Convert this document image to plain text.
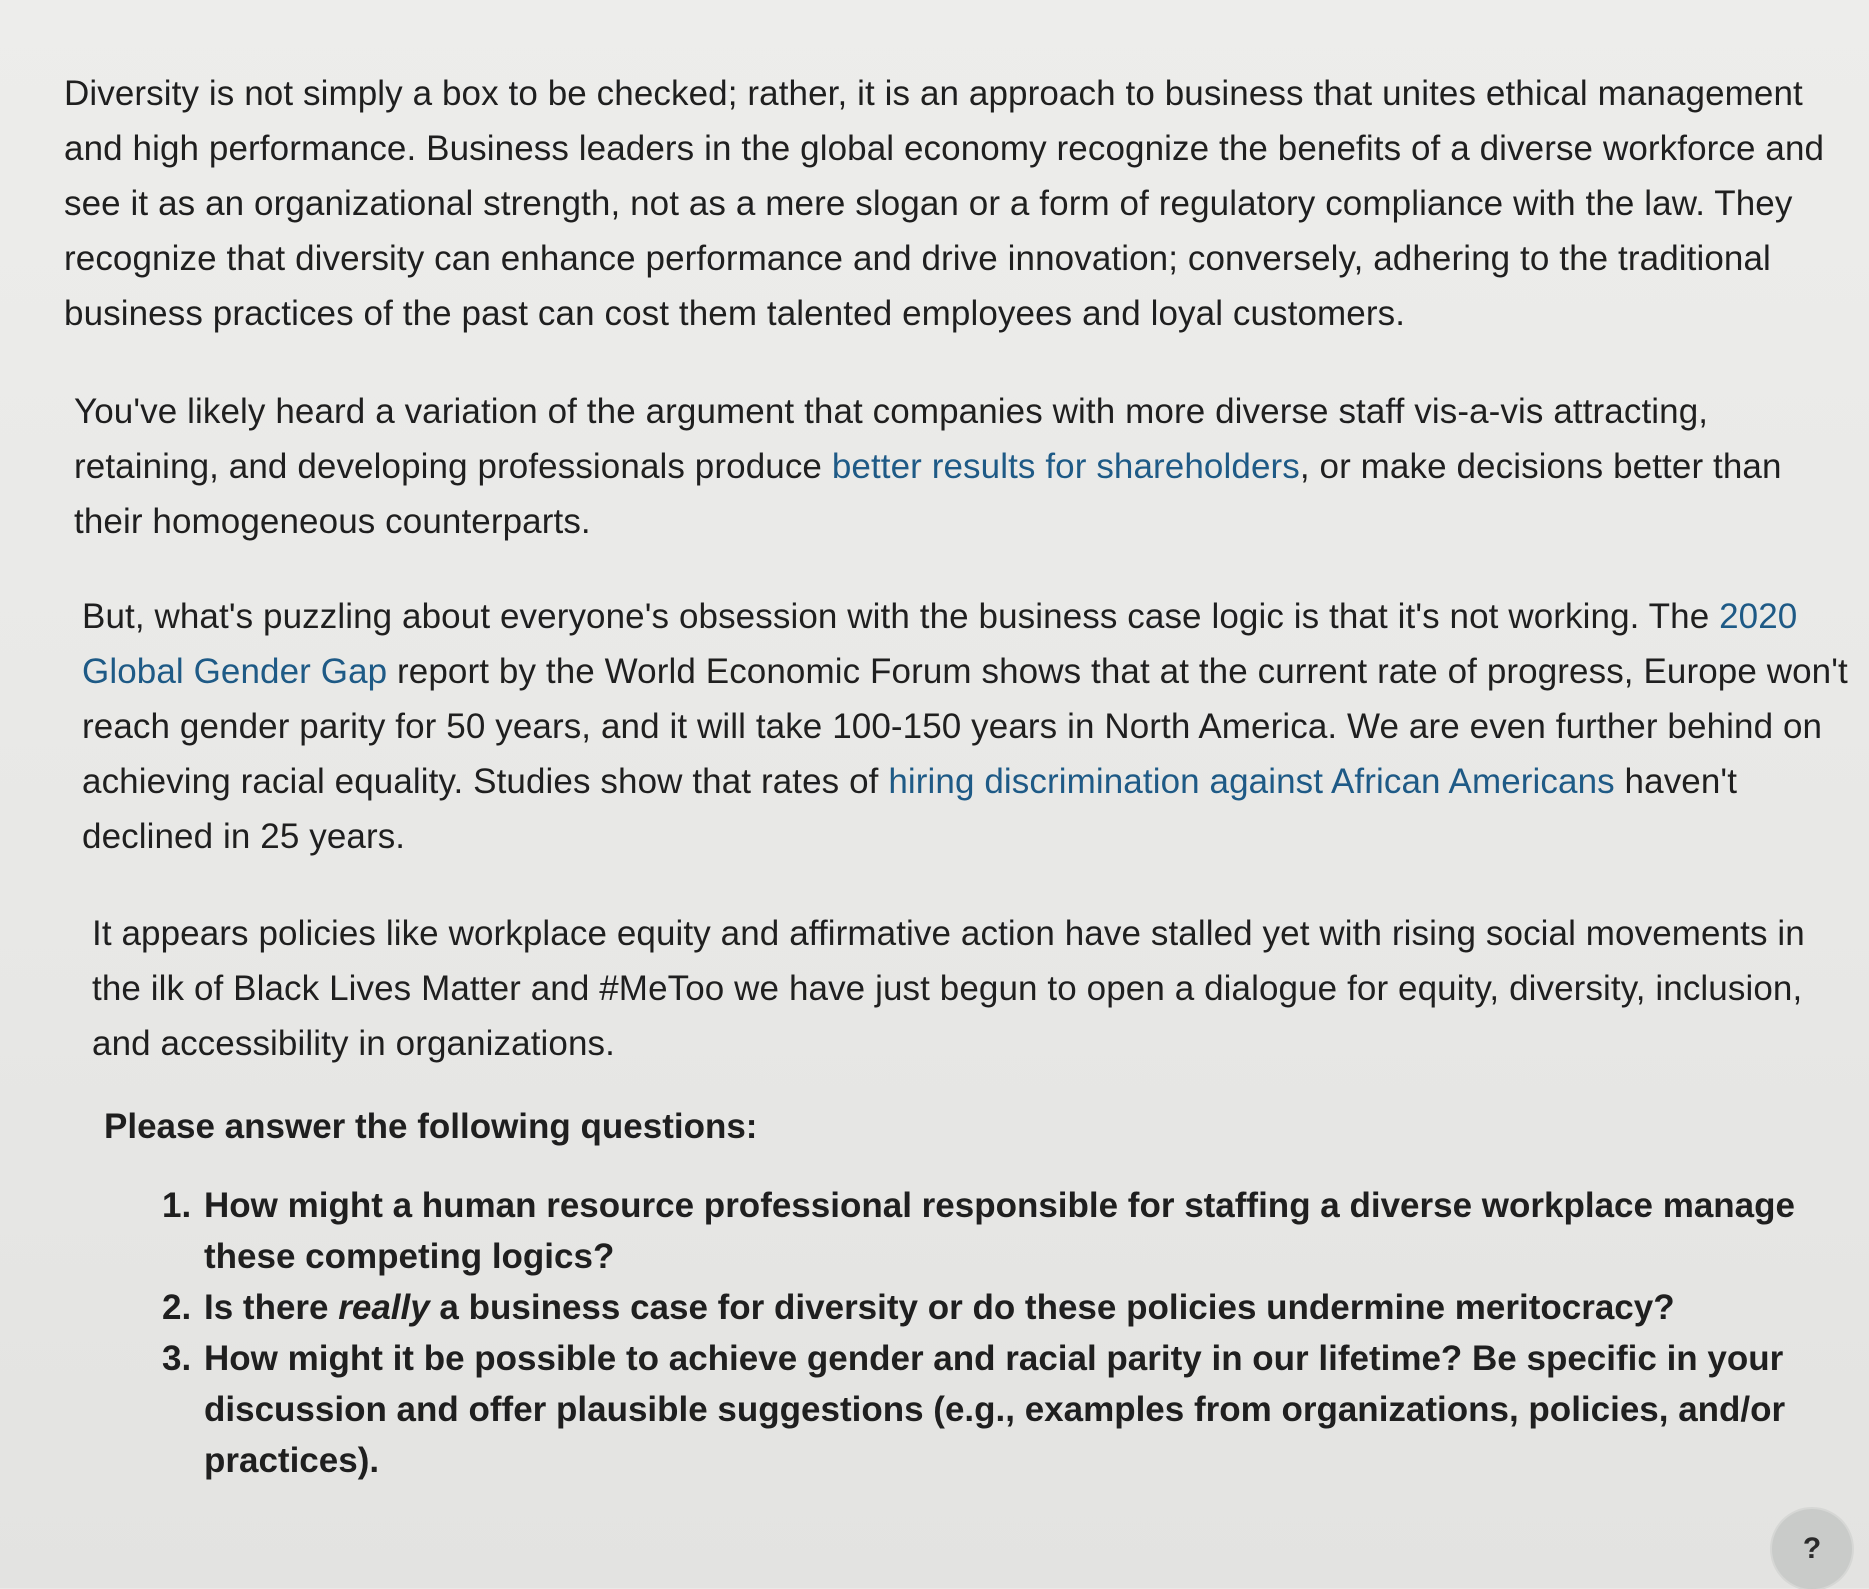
Diversity is not simply a box to be checked; rather, it is an approach to business that unites ethical management and high performance. Business leaders in the global economy recognize the benefits of a diverse workforce and see it as an organizational strength, not as a mere slogan or a form of regulatory compliance with the law. They recognize that diversity can enhance performance and drive innovation; conversely, adhering to the traditional business practices of the past can cost them talented employees and loyal customers.

You've likely heard a variation of the argument that companies with more diverse staff vis-a-vis attracting, retaining, and developing professionals produce better results for shareholders, or make decisions better than their homogeneous counterparts.

But, what's puzzling about everyone's obsession with the business case logic is that it's not working. The 2020 Global Gender Gap report by the World Economic Forum shows that at the current rate of progress, Europe won't reach gender parity for 50 years, and it will take 100-150 years in North America. We are even further behind on achieving racial equality. Studies show that rates of hiring discrimination against African Americans haven't declined in 25 years.

It appears policies like workplace equity and affirmative action have stalled yet with rising social movements in the ilk of Black Lives Matter and #MeToo we have just begun to open a dialogue for equity, diversity, inclusion, and accessibility in organizations.

Please answer the following questions:
1. How might a human resource professional responsible for staffing a diverse workplace manage these competing logics?
2. Is there really a business case for diversity or do these policies undermine meritocracy?
3. How might it be possible to achieve gender and racial parity in our lifetime? Be specific in your discussion and offer plausible suggestions (e.g., examples from organizations, policies, and/or practices).
?
